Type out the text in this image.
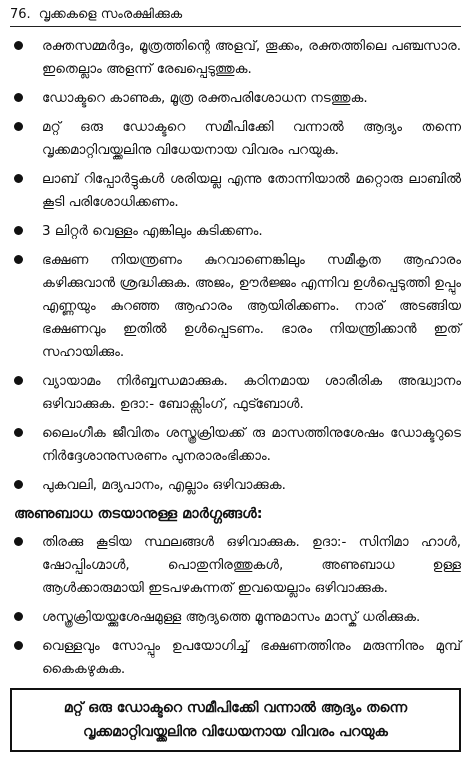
76. വൃക്കകളെ സംരക്ഷിക്കുക
രക്തസമ്മർദ്ദം, മൂത്രത്തിന്റെ അളവ്, തൂക്കം, രക്തത്തിലെ പഞ്ചസാര. ഇതെല്ലാം അളന്ന് രേഖപ്പെടുത്തുക.
ഡോക്ടറെ കാണുക, മൂത്ര രക്തപരിശോധന നടത്തുക.
മറ്റ് ഒരു ഡോക്ടറെ സമീപിക്കേി വന്നാൽ ആദ്യം തന്നെ വൃക്കമാറ്റിവയ്ക്കലിനു വിധേയനായ വിവരം പറയുക.
ലാബ് റിപ്പോർട്ടുകൾ ശരിയല്ല എന്നു തോന്നിയാൽ മറ്റൊരു ലാബിൽ കൂടി പരിശോധിക്കണം.
3 ലിറ്റർ വെള്ളം എങ്കിലും കുടിക്കണം.
ഭക്ഷണ നിയന്ത്രണം കുറവാണെങ്കിലും സമീകൃത ആഹാരം കഴിക്കുവാൻ ശ്രദ്ധിക്കുക. അജം, ഊർജ്ജം എന്നിവ ഉൾപ്പെടുത്തി ഉപ്പും എണ്ണയും കുറഞ്ഞ ആഹാരം ആയിരിക്കണം. നാര് അടങ്ങിയ ഭക്ഷണവും ഇതിൽ ഉൾപ്പെടണം. ഭാരം നിയന്ത്രിക്കാൻ ഇത് സഹായിക്കും.
വ്യായാമം നിർബ്ബന്ധമാക്കുക. കഠിനമായ ശാരീരിക അദ്ധ്വാനം ഒഴിവാക്കുക. ഉദാ:- ബോക്സിംഗ്, ഫുട്ബോൾ.
ലൈംഗീക ജീവിതം ശസ്ത്രക്രിയക്ക് രു മാസത്തിനുശേഷം ഡോക്ടറുടെ നിർദ്ദേശാനുസരണം പുനരാരംഭിക്കാം.
പുകവലി, മദ്യപാനം, എല്ലാം ഒഴിവാക്കുക.
അണുബാധ തടയാനുള്ള മാർഗ്ഗങ്ങൾ:
തിരക്കു കൂടിയ സ്ഥലങ്ങൾ ഒഴിവാക്കുക. ഉദാ:- സിനിമാ ഹാൾ, ഷോപ്പിംഗ്മാൾ, പൊതുനിരത്തുകൾ, അണുബാധ ഉള്ള ആൾക്കാരുമായി ഇടപഴകുന്നത് ഇവയെല്ലാം ഒഴിവാക്കുക.
ശസ്ത്രക്രിയയ്ക്കുശേഷമുള്ള ആദ്യത്തെ മൂന്നുമാസം മാസ്ക് ധരിക്കുക.
വെള്ളവും സോപ്പും ഉപയോഗിച്ച് ഭക്ഷണത്തിനും മരുന്നിനും മുമ്പ് കൈകഴുകുക.
മറ്റ് ഒരു ഡോക്ടറെ സമീപിക്കേി വന്നാൽ ആദ്യം തന്നെ വൃക്കമാറ്റിവയ്ക്കലിനു വിധേയനായ വിവരം പറയുക
